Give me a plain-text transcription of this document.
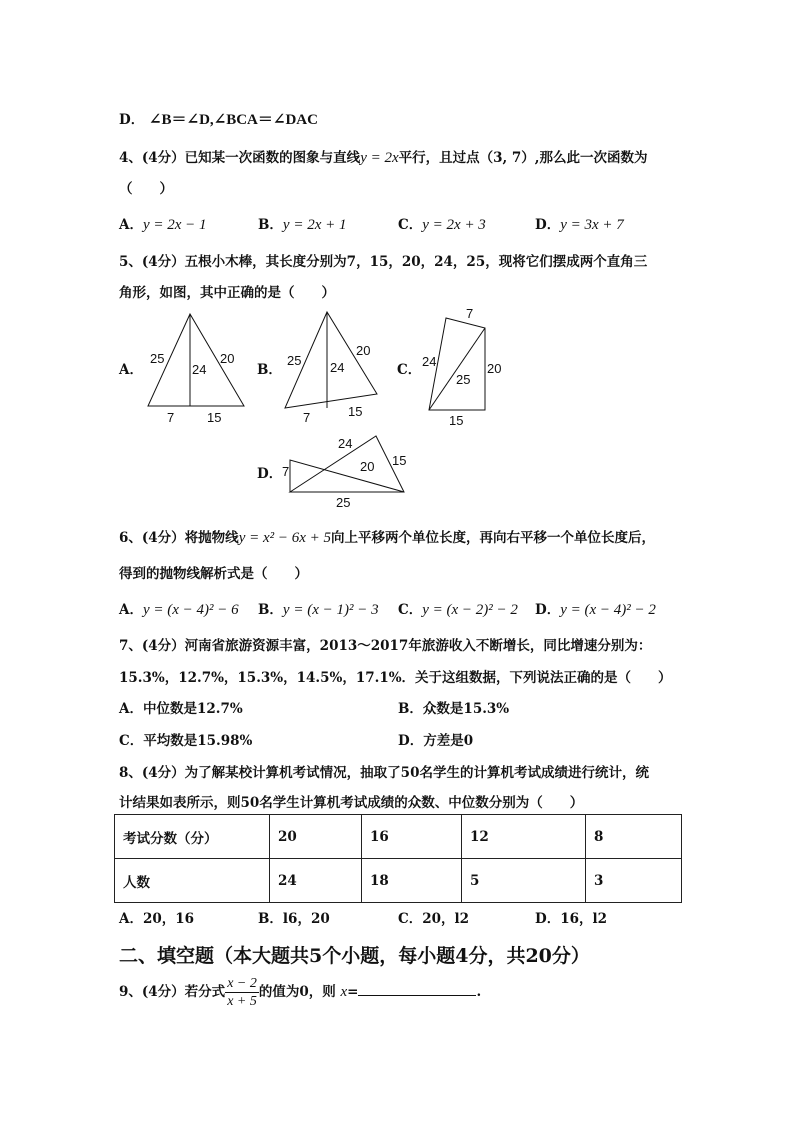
D． ∠B＝∠D,∠BCA＝∠DAC
4、(4分）已知某一次函数的图象与直线y = 2x平行，且过点（3, 7）,那么此一次函数为
（　　）
A．y = 2x − 1	B．y = 2x + 1	C．y = 2x + 3	D．y = 3x + 7
5、(4分）五根小木棒，其长度分别为7，15，20，24，25，现将它们摆成两个直角三
角形，如图，其中正确的是（　　）
A．
25
24
20
7	15
B．
25 24
20
7	15
C．
7
24
25
20
15
D． 7
24
20 15
25
6、(4分）将抛物线y = x² − 6x + 5向上平移两个单位长度，再向右平移一个单位长度后，
得到的抛物线解析式是（　　）
A．y = (x − 4)² − 6 B．y = (x − 1)² − 3 C．y = (x − 2)² − 2 D．y = (x − 4)² − 2
7、(4分）河南省旅游资源丰富，2013～2017年旅游收入不断增长，同比增速分别为：
15.3%，12.7%，15.3%，14.5%，17.1%．关于这组数据，下列说法正确的是（　　）
A．中位数是12.7%	B．众数是15.3%
C．平均数是15.98%	D．方差是0
8、(4分）为了解某校计算机考试情况，抽取了50名学生的计算机考试成绩进行统计，统
计结果如表所示，则50名学生计算机考试成绩的众数、中位数分别为（　　）
考试分数（分）	20	16	12	8
人数	24	18	5	3
A．20，16	B．l6，20	C．20，l2	D．16，l2
二、填空题（本大题共5个小题，每小题4分，共20分）
9、(4分）若分式 $\frac{x - 2}{x + 5}$ 的值为0，则 x=	.
